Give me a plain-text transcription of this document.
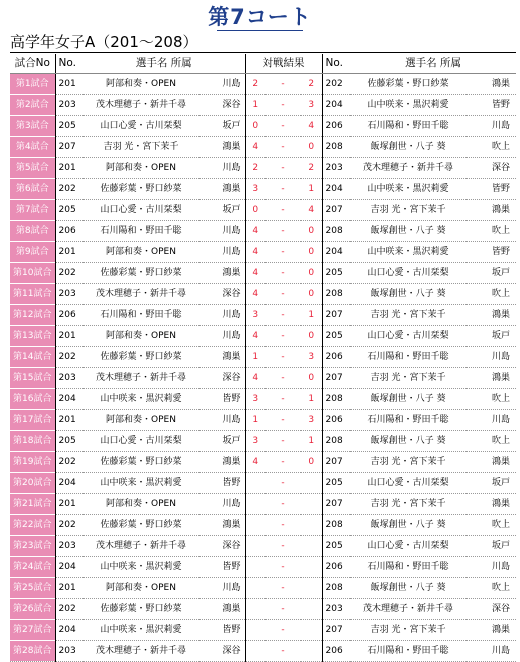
第7コート
高学年女子A（201～208）
試合No	No.	選手名 所属		対戦結果			No.	選手名 所属	
第1試合	201	阿部和奏・OPEN	川島	2	-	2	202	佐藤彩葉・野口紗菜	鴻巣
第2試合	203	茂木理穂子・新井千尋	深谷	1	-	3	204	山中咲来・黒沢莉愛	皆野
第3試合	205	山口心愛・古川栞梨	坂戸	0	-	4	206	石川陽和・野田千聡	川島
第4試合	207	吉羽 光・宮下茉千	鴻巣	4	-	0	208	飯塚創世・八子 葵	吹上
第5試合	201	阿部和奏・OPEN	川島	2	-	2	203	茂木理穂子・新井千尋	深谷
第6試合	202	佐藤彩葉・野口紗菜	鴻巣	3	-	1	204	山中咲来・黒沢莉愛	皆野
第7試合	205	山口心愛・古川栞梨	坂戸	0	-	4	207	吉羽 光・宮下茉千	鴻巣
第8試合	206	石川陽和・野田千聡	川島	4	-	0	208	飯塚創世・八子 葵	吹上
第9試合	201	阿部和奏・OPEN	川島	4	-	0	204	山中咲来・黒沢莉愛	皆野
第10試合	202	佐藤彩葉・野口紗菜	鴻巣	4	-	0	205	山口心愛・古川栞梨	坂戸
第11試合	203	茂木理穂子・新井千尋	深谷	4	-	0	208	飯塚創世・八子 葵	吹上
第12試合	206	石川陽和・野田千聡	川島	3	-	1	207	吉羽 光・宮下茉千	鴻巣
第13試合	201	阿部和奏・OPEN	川島	4	-	0	205	山口心愛・古川栞梨	坂戸
第14試合	202	佐藤彩葉・野口紗菜	鴻巣	1	-	3	206	石川陽和・野田千聡	川島
第15試合	203	茂木理穂子・新井千尋	深谷	4	-	0	207	吉羽 光・宮下茉千	鴻巣
第16試合	204	山中咲来・黒沢莉愛	皆野	3	-	1	208	飯塚創世・八子 葵	吹上
第17試合	201	阿部和奏・OPEN	川島	1	-	3	206	石川陽和・野田千聡	川島
第18試合	205	山口心愛・古川栞梨	坂戸	3	-	1	208	飯塚創世・八子 葵	吹上
第19試合	202	佐藤彩葉・野口紗菜	鴻巣	4	-	0	207	吉羽 光・宮下茉千	鴻巣
第20試合	204	山中咲来・黒沢莉愛	皆野		-		205	山口心愛・古川栞梨	坂戸
第21試合	201	阿部和奏・OPEN	川島		-		207	吉羽 光・宮下茉千	鴻巣
第22試合	202	佐藤彩葉・野口紗菜	鴻巣		-		208	飯塚創世・八子 葵	吹上
第23試合	203	茂木理穂子・新井千尋	深谷		-		205	山口心愛・古川栞梨	坂戸
第24試合	204	山中咲来・黒沢莉愛	皆野		-		206	石川陽和・野田千聡	川島
第25試合	201	阿部和奏・OPEN	川島		-		208	飯塚創世・八子 葵	吹上
第26試合	202	佐藤彩葉・野口紗菜	鴻巣		-		203	茂木理穂子・新井千尋	深谷
第27試合	204	山中咲来・黒沢莉愛	皆野		-		207	吉羽 光・宮下茉千	鴻巣
第28試合	203	茂木理穂子・新井千尋	深谷		-		206	石川陽和・野田千聡	川島
